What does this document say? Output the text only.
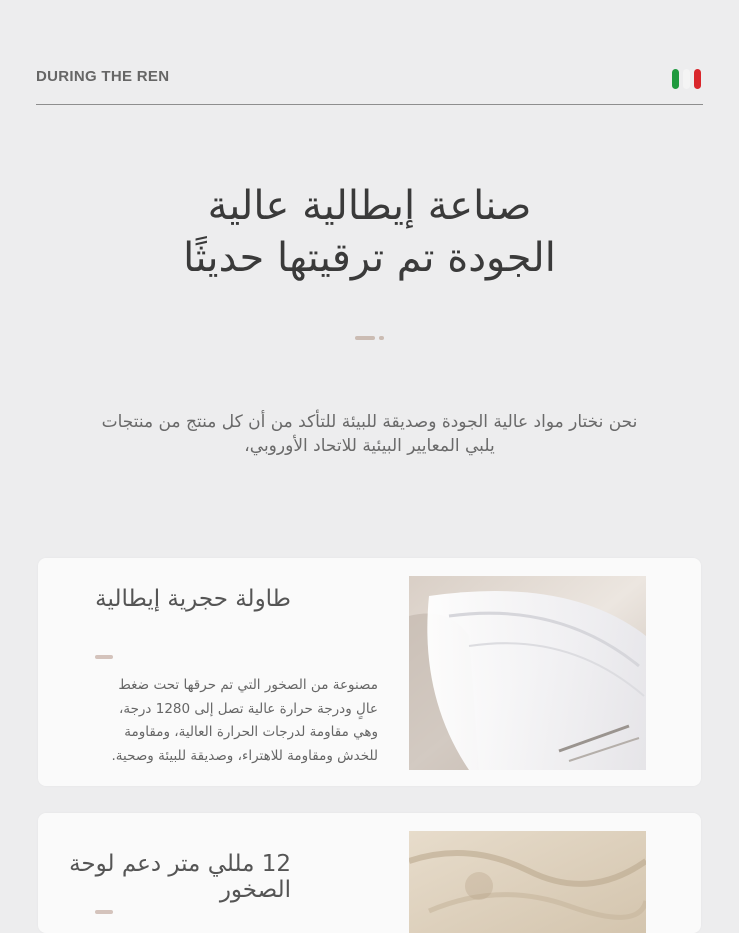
DURING THE REN
صناعة إيطالية عالية
الجودة تم ترقيتها حديثًا
نحن نختار مواد عالية الجودة وصديقة للبيئة للتأكد من أن كل منتج من منتجات
يلبي المعايير البيئية للاتحاد الأوروبي،
طاولة حجرية إيطالية
مصنوعة من الصخور التي تم حرقها تحت ضغط
عالٍ ودرجة حرارة عالية تصل إلى 1280 درجة،
وهي مقاومة لدرجات الحرارة العالية، ومقاومة
للخدش ومقاومة للاهتراء، وصديقة للبيئة وصحية.
12 مللي متر دعم لوحة الصخور
